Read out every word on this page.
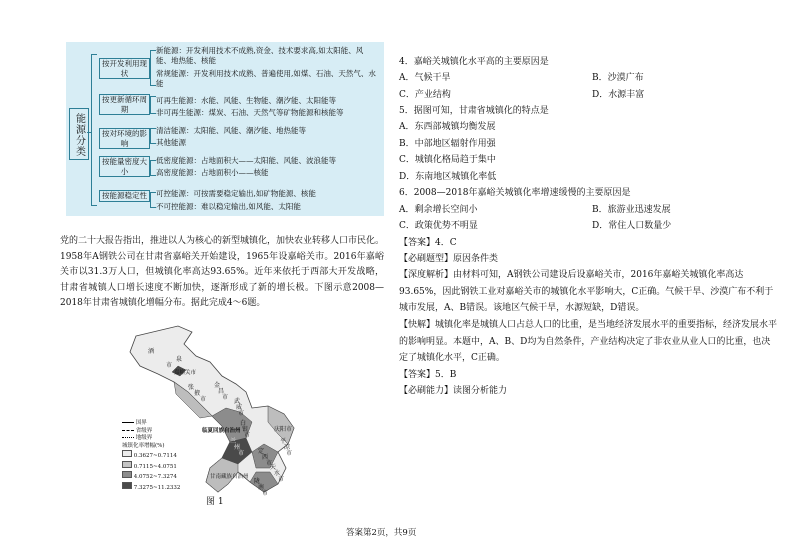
能源分类
按开发利用现状
按更新循环周期
按对环境的影响
按能量密度大小
按能源稳定性
新能源：开发利用技术不成熟,资金、技术要求高,如太阳能、风能、地热能、核能
常规能源：开发利用技术成熟、普遍使用,如煤、石油、天然气、水能
可再生能源：水能、风能、生物能、潮汐能、太阳能等
非可再生能源：煤炭、石油、天然气等矿物能源和核能等
清洁能源：太阳能、风能、潮汐能、地热能等
其他能源
低密度能源：占地面积大——太阳能、风能、波浪能等
高密度能源：占地面积小——核能
可控能源：可按需要稳定输出,如矿物能源、核能
不可控能源：难以稳定输出,如风能、太阳能
党的二十大报告指出，推进以人为核心的新型城镇化，加快农业转移人口市民化。1958年A钢铁公司在甘肃省嘉峪关开始建设，1965年设嘉峪关市。2016年嘉峪关市以31.3万人口，但城镇化率高达93.65%。近年来依托于西部大开发战略，甘肃省城镇人口增长速度不断加快，逐渐形成了新的增长极。下图示意2008—2018年甘肃省城镇化增幅分布。据此完成4～6题。
酒
泉
市
嘉峪关市
张
掖
市
金
昌
市
武
威
市
白
银
市
兰
州
市 定
西
市
庆阳市
平
凉
市
临夏回族自治州
甘南藏族自治州
天
水
市
陇
南
市
国界
省级界
地级界
城镇化率增幅(%)
0.3627~0.7114
0.7115~4.0751
4.0752~7.3274
7.3275~11.2332
图 1
4．嘉峪关城镇化水平高的主要原因是
A．气候干旱	B．沙漠广布
C．产业结构	D．水源丰富
5．据图可知，甘肃省城镇化的特点是
A．东西部城镇均衡发展
B．中部地区辐射作用强
C．城镇化格局趋于集中
D．东南地区城镇化率低
6．2008—2018年嘉峪关城镇化率增速缓慢的主要原因是
A．剩余增长空间小	B．旅游业迅速发展
C．政策优势不明显	D．常住人口数量少
【答案】4．C
【必刷题型】原因条件类
【深度解析】由材料可知，A钢铁公司建设后设嘉峪关市，2016年嘉峪关城镇化率高达93.65%，因此钢铁工业对嘉峪关市的城镇化水平影响大，C正确。气候干旱、沙漠广布不利于城市发展，A、B错误。该地区气候干旱，水源短缺，D错误。
【快解】城镇化率是城镇人口占总人口的比重，是当地经济发展水平的重要指标，经济发展水平的影响明显。本题中，A、B、D均为自然条件，产业结构决定了非农业从业人口的比重，也决定了城镇化水平，C正确。
【答案】5．B
【必刷能力】读图分析能力
答案第2页，共9页
